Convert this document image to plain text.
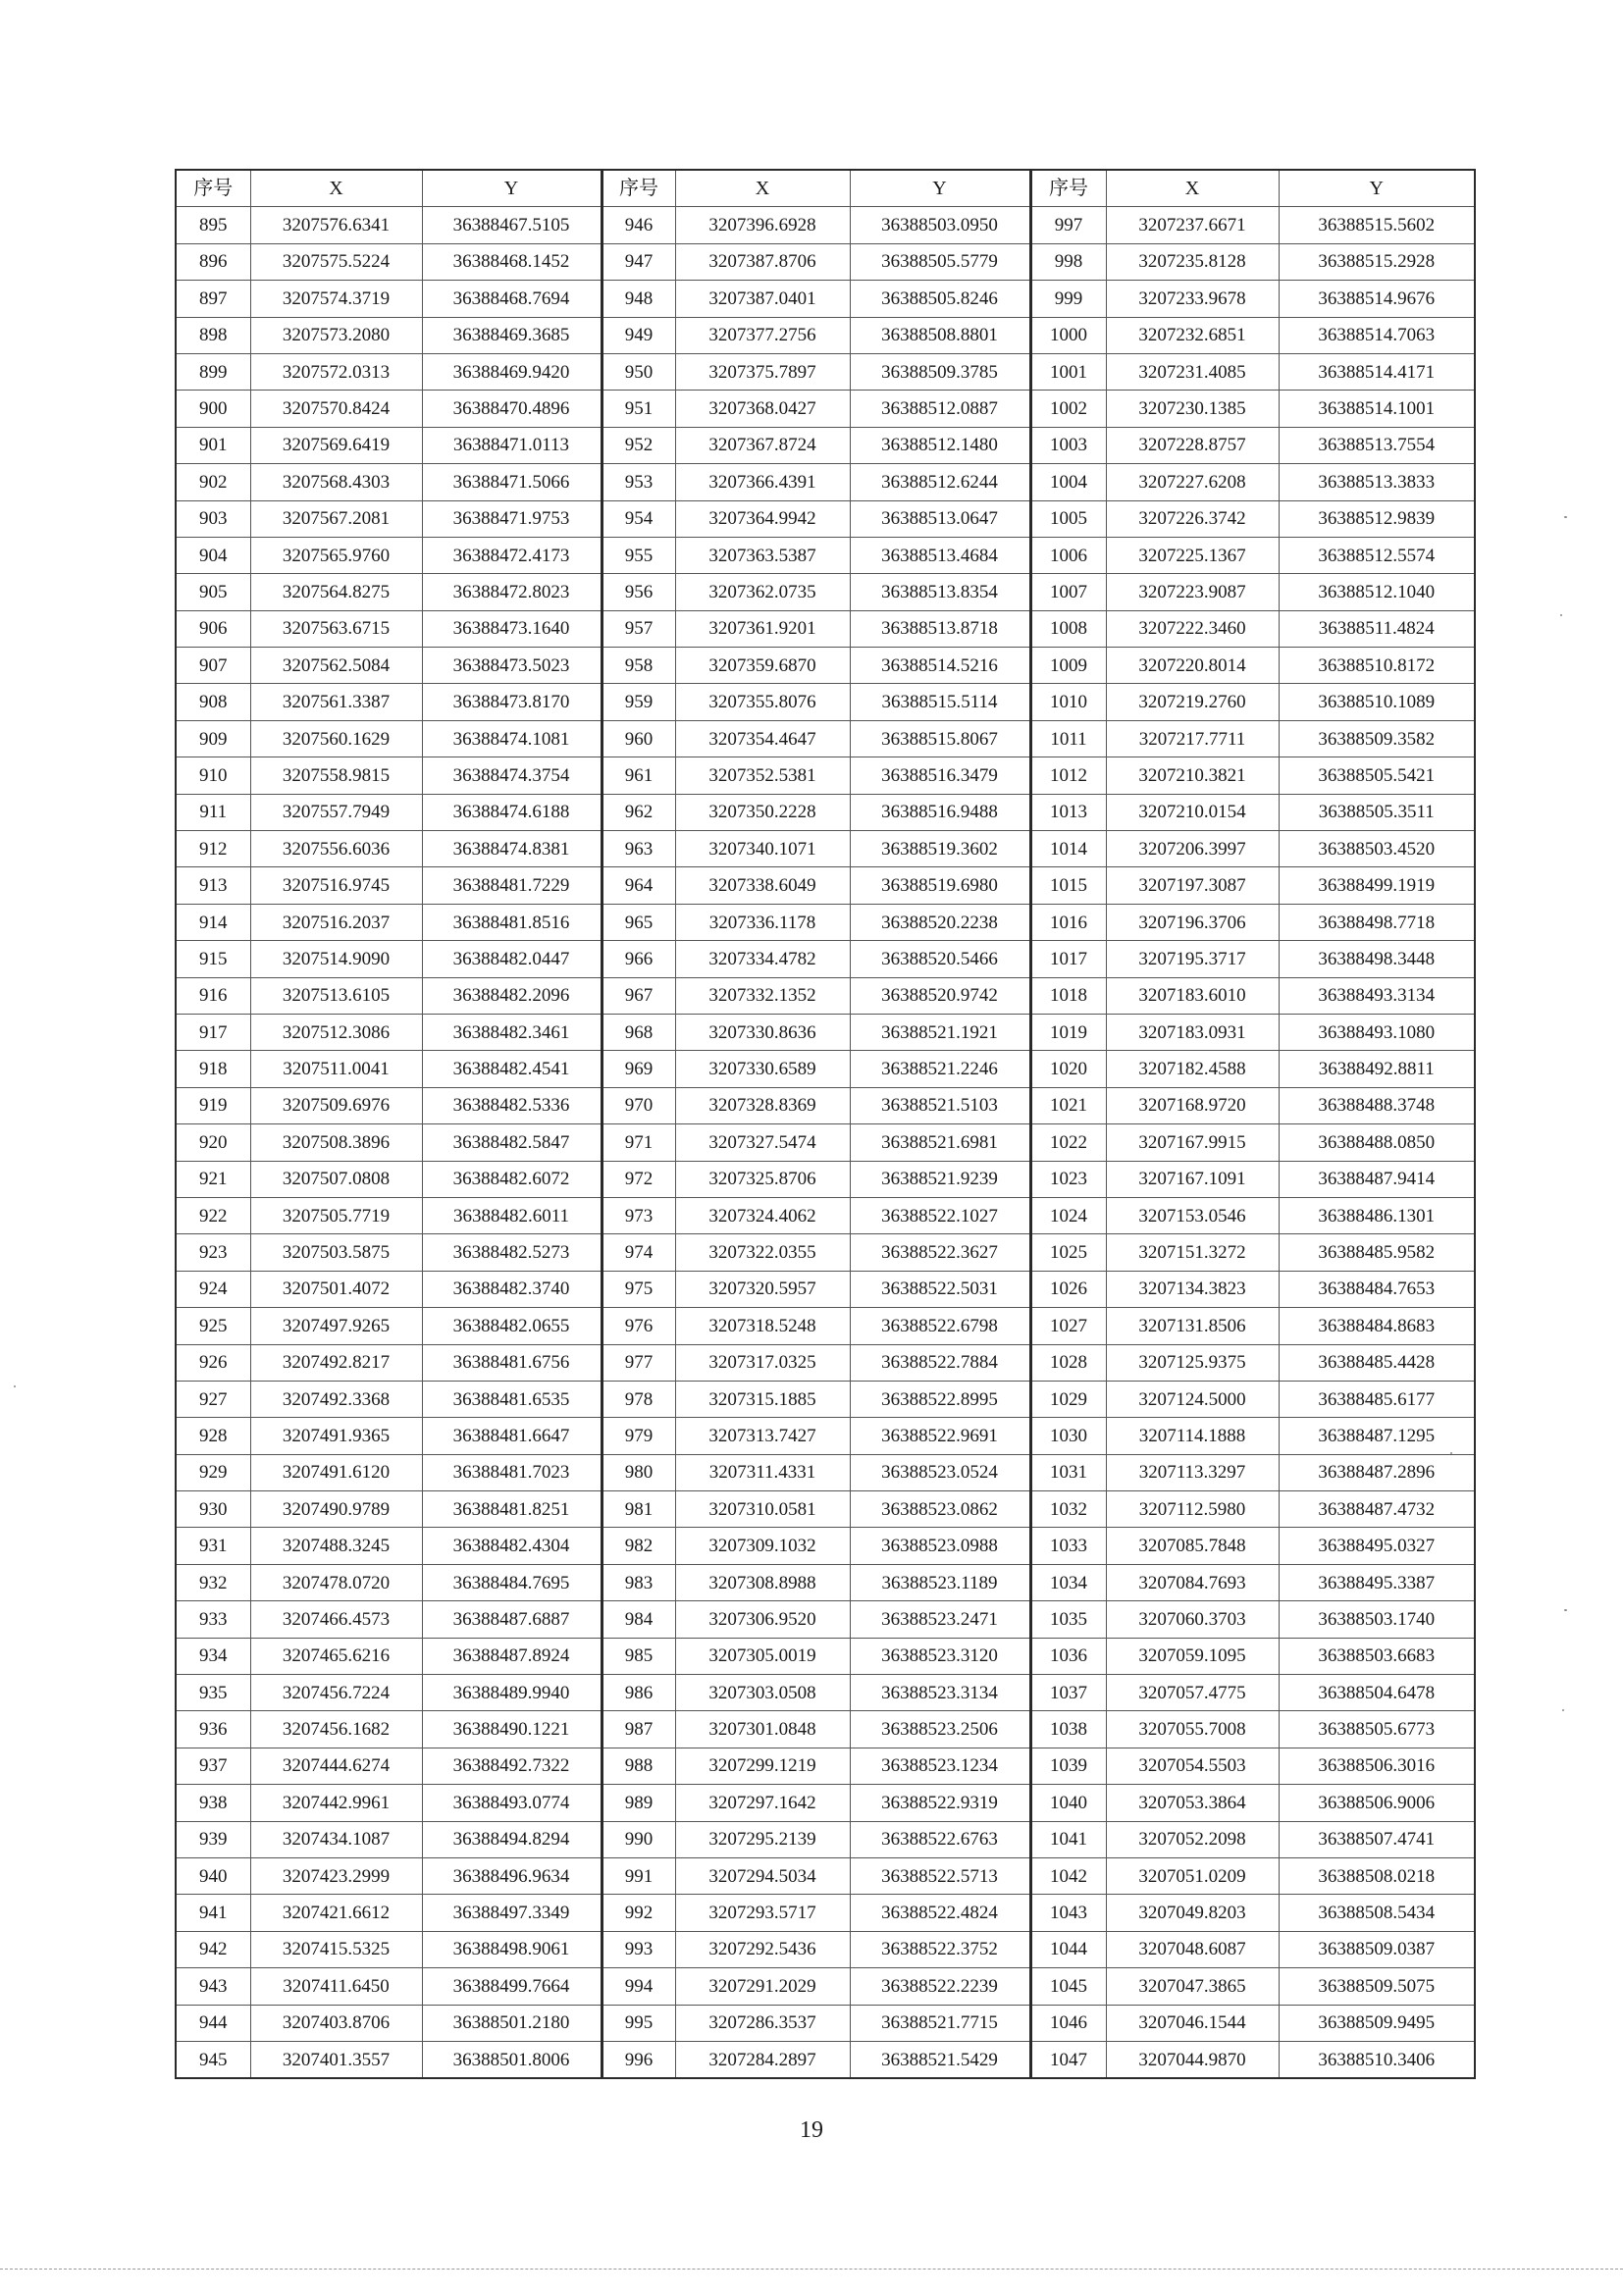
序号	X	Y	序号	X	Y	序号	X	Y
895	3207576.6341	36388467.5105	946	3207396.6928	36388503.0950	997	3207237.6671	36388515.5602
896	3207575.5224	36388468.1452	947	3207387.8706	36388505.5779	998	3207235.8128	36388515.2928
897	3207574.3719	36388468.7694	948	3207387.0401	36388505.8246	999	3207233.9678	36388514.9676
898	3207573.2080	36388469.3685	949	3207377.2756	36388508.8801	1000	3207232.6851	36388514.7063
899	3207572.0313	36388469.9420	950	3207375.7897	36388509.3785	1001	3207231.4085	36388514.4171
900	3207570.8424	36388470.4896	951	3207368.0427	36388512.0887	1002	3207230.1385	36388514.1001
901	3207569.6419	36388471.0113	952	3207367.8724	36388512.1480	1003	3207228.8757	36388513.7554
902	3207568.4303	36388471.5066	953	3207366.4391	36388512.6244	1004	3207227.6208	36388513.3833
903	3207567.2081	36388471.9753	954	3207364.9942	36388513.0647	1005	3207226.3742	36388512.9839
904	3207565.9760	36388472.4173	955	3207363.5387	36388513.4684	1006	3207225.1367	36388512.5574
905	3207564.8275	36388472.8023	956	3207362.0735	36388513.8354	1007	3207223.9087	36388512.1040
906	3207563.6715	36388473.1640	957	3207361.9201	36388513.8718	1008	3207222.3460	36388511.4824
907	3207562.5084	36388473.5023	958	3207359.6870	36388514.5216	1009	3207220.8014	36388510.8172
908	3207561.3387	36388473.8170	959	3207355.8076	36388515.5114	1010	3207219.2760	36388510.1089
909	3207560.1629	36388474.1081	960	3207354.4647	36388515.8067	1011	3207217.7711	36388509.3582
910	3207558.9815	36388474.3754	961	3207352.5381	36388516.3479	1012	3207210.3821	36388505.5421
911	3207557.7949	36388474.6188	962	3207350.2228	36388516.9488	1013	3207210.0154	36388505.3511
912	3207556.6036	36388474.8381	963	3207340.1071	36388519.3602	1014	3207206.3997	36388503.4520
913	3207516.9745	36388481.7229	964	3207338.6049	36388519.6980	1015	3207197.3087	36388499.1919
914	3207516.2037	36388481.8516	965	3207336.1178	36388520.2238	1016	3207196.3706	36388498.7718
915	3207514.9090	36388482.0447	966	3207334.4782	36388520.5466	1017	3207195.3717	36388498.3448
916	3207513.6105	36388482.2096	967	3207332.1352	36388520.9742	1018	3207183.6010	36388493.3134
917	3207512.3086	36388482.3461	968	3207330.8636	36388521.1921	1019	3207183.0931	36388493.1080
918	3207511.0041	36388482.4541	969	3207330.6589	36388521.2246	1020	3207182.4588	36388492.8811
919	3207509.6976	36388482.5336	970	3207328.8369	36388521.5103	1021	3207168.9720	36388488.3748
920	3207508.3896	36388482.5847	971	3207327.5474	36388521.6981	1022	3207167.9915	36388488.0850
921	3207507.0808	36388482.6072	972	3207325.8706	36388521.9239	1023	3207167.1091	36388487.9414
922	3207505.7719	36388482.6011	973	3207324.4062	36388522.1027	1024	3207153.0546	36388486.1301
923	3207503.5875	36388482.5273	974	3207322.0355	36388522.3627	1025	3207151.3272	36388485.9582
924	3207501.4072	36388482.3740	975	3207320.5957	36388522.5031	1026	3207134.3823	36388484.7653
925	3207497.9265	36388482.0655	976	3207318.5248	36388522.6798	1027	3207131.8506	36388484.8683
926	3207492.8217	36388481.6756	977	3207317.0325	36388522.7884	1028	3207125.9375	36388485.4428
927	3207492.3368	36388481.6535	978	3207315.1885	36388522.8995	1029	3207124.5000	36388485.6177
928	3207491.9365	36388481.6647	979	3207313.7427	36388522.9691	1030	3207114.1888	36388487.1295
929	3207491.6120	36388481.7023	980	3207311.4331	36388523.0524	1031	3207113.3297	36388487.2896
930	3207490.9789	36388481.8251	981	3207310.0581	36388523.0862	1032	3207112.5980	36388487.4732
931	3207488.3245	36388482.4304	982	3207309.1032	36388523.0988	1033	3207085.7848	36388495.0327
932	3207478.0720	36388484.7695	983	3207308.8988	36388523.1189	1034	3207084.7693	36388495.3387
933	3207466.4573	36388487.6887	984	3207306.9520	36388523.2471	1035	3207060.3703	36388503.1740
934	3207465.6216	36388487.8924	985	3207305.0019	36388523.3120	1036	3207059.1095	36388503.6683
935	3207456.7224	36388489.9940	986	3207303.0508	36388523.3134	1037	3207057.4775	36388504.6478
936	3207456.1682	36388490.1221	987	3207301.0848	36388523.2506	1038	3207055.7008	36388505.6773
937	3207444.6274	36388492.7322	988	3207299.1219	36388523.1234	1039	3207054.5503	36388506.3016
938	3207442.9961	36388493.0774	989	3207297.1642	36388522.9319	1040	3207053.3864	36388506.9006
939	3207434.1087	36388494.8294	990	3207295.2139	36388522.6763	1041	3207052.2098	36388507.4741
940	3207423.2999	36388496.9634	991	3207294.5034	36388522.5713	1042	3207051.0209	36388508.0218
941	3207421.6612	36388497.3349	992	3207293.5717	36388522.4824	1043	3207049.8203	36388508.5434
942	3207415.5325	36388498.9061	993	3207292.5436	36388522.3752	1044	3207048.6087	36388509.0387
943	3207411.6450	36388499.7664	994	3207291.2029	36388522.2239	1045	3207047.3865	36388509.5075
944	3207403.8706	36388501.2180	995	3207286.3537	36388521.7715	1046	3207046.1544	36388509.9495
945	3207401.3557	36388501.8006	996	3207284.2897	36388521.5429	1047	3207044.9870	36388510.3406
19
